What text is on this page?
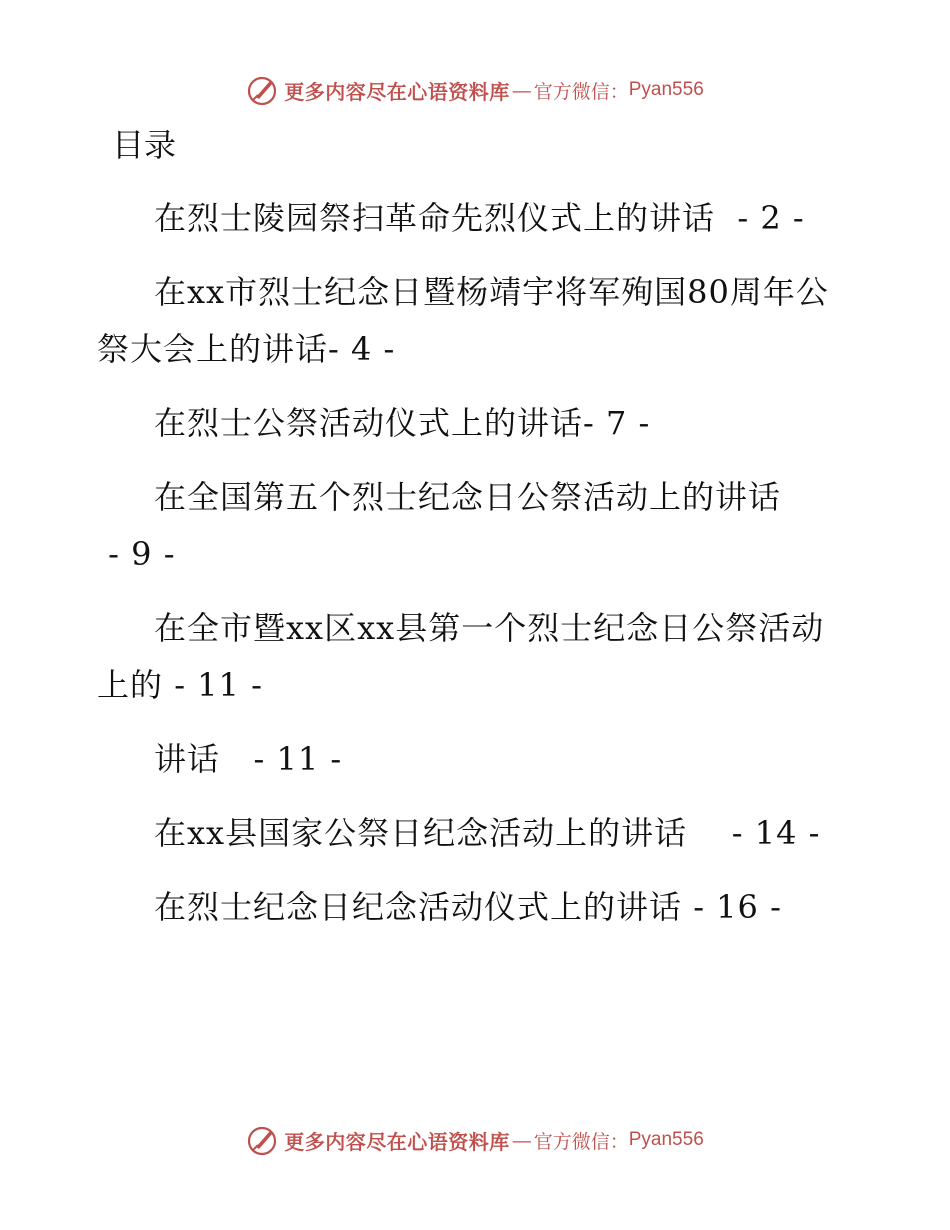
更多内容尽在心语资料库 — 官方微信： Pyan556
目录
在烈士陵园祭扫革命先烈仪式上的讲话  - 2 -
在xx市烈士纪念日暨杨靖宇将军殉国80周年公祭大会上的讲话- 4 -
在烈士公祭活动仪式上的讲话- 7 -
在全国第五个烈士纪念日公祭活动上的讲话 - 9 -
在全市暨xx区xx县第一个烈士纪念日公祭活动上的 - 11 -
讲话   - 11 -
在xx县国家公祭日纪念活动上的讲话    - 14 -
在烈士纪念日纪念活动仪式上的讲话 - 16 -
更多内容尽在心语资料库 — 官方微信： Pyan556
